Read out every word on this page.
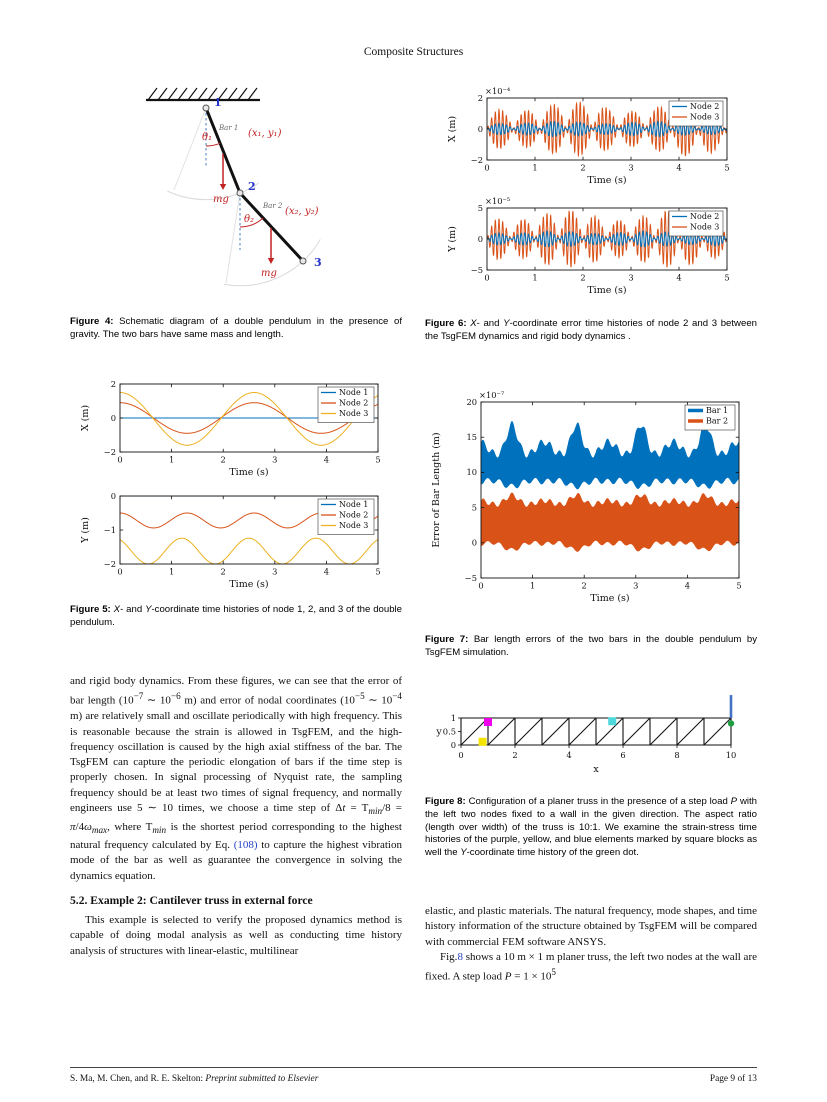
Composite Structures
1
2
3
Bar 1
Bar 2
θ₁
θ₂
(x₁, y₁)
(x₂, y₂)
mg
mg
Figure 4: Schematic diagram of a double pendulum in the presence of gravity. The two bars have same mass and length.
0	1	2	3	4	5
−2
0
2
Time (s)
X (m)
Node 1
Node 2
Node 3
0	1	2	3	4	5
−2
−1
0
Time (s)
Y (m)
Node 1
Node 2
Node 3
Figure 5: X- and Y-coordinate time histories of node 1, 2, and 3 of the double pendulum.

and rigid body dynamics. From these figures, we can see that the error of bar length ($10^{-7}$ ∼ $10^{-6}$ m) and error of nodal coordinates ($10^{-5}$ ∼ $10^{-4}$ m) are relatively small and oscillate periodically with high frequency. This is reasonable because the strain is allowed in TsgFEM, and the high-frequency oscillation is caused by the high axial stiffness of the bar. The TsgFEM can capture the periodic elongation of bars if the time step is properly chosen. In signal processing of Nyquist rate, the sampling frequency should be at least two times of signal frequency, and normally engineers use 5 ∼ 10 times, we choose a time step of $\Delta t = T_{min}/8 = \pi/4\omega_{max}$, where $T_{min}$ is the shortest period corresponding to the highest natural frequency calculated by Eq. (108) to capture the highest vibration mode of the bar as well as guarantee the convergence in solving the dynamics equation.

5.2. Example 2: Cantilever truss in external force

This example is selected to verify the proposed dynamics method is capable of doing modal analysis as well as conducting time history analysis of structures with linear-elastic, multilinear

0	1	2	3	4	5
−2
0
2
Time (s)
X (m)
×10⁻⁴
Node 2
Node 3
0	1	2	3	4	5
−5
0
5
Time (s)
Y (m)
×10⁻⁵
Node 2
Node 3
Figure 6: X- and Y-coordinate error time histories of node 2 and 3 between the TsgFEM dynamics and rigid body dynamics .
0	1	2	3	4	5
−5
0
5
10
15
20
Time (s)
Error of Bar Length (m)
×10⁻⁷
Bar 1
Bar 2
Figure 7: Bar length errors of the two bars in the double pendulum by TsgFEM simulation.
0	2	4	6	8	10
0
0.5
1
x
y
Figure 8: Configuration of a planer truss in the presence of a step load P with the left two nodes fixed to a wall in the given direction. The aspect ratio (length over width) of the truss is 10:1. We examine the strain-stress time histories of the purple, yellow, and blue elements marked by square blocks as well the Y-coordinate time history of the green dot.

elastic, and plastic materials. The natural frequency, mode shapes, and time history information of the structure obtained by TsgFEM will be compared with commercial FEM software ANSYS.

Fig.8 shows a 10 m × 1 m planer truss, the left two nodes at the wall are fixed. A step load $P = 1 \times 10^5$

S. Ma, M. Chen, and R. E. Skelton: Preprint submitted to Elsevier	Page 9 of 13
